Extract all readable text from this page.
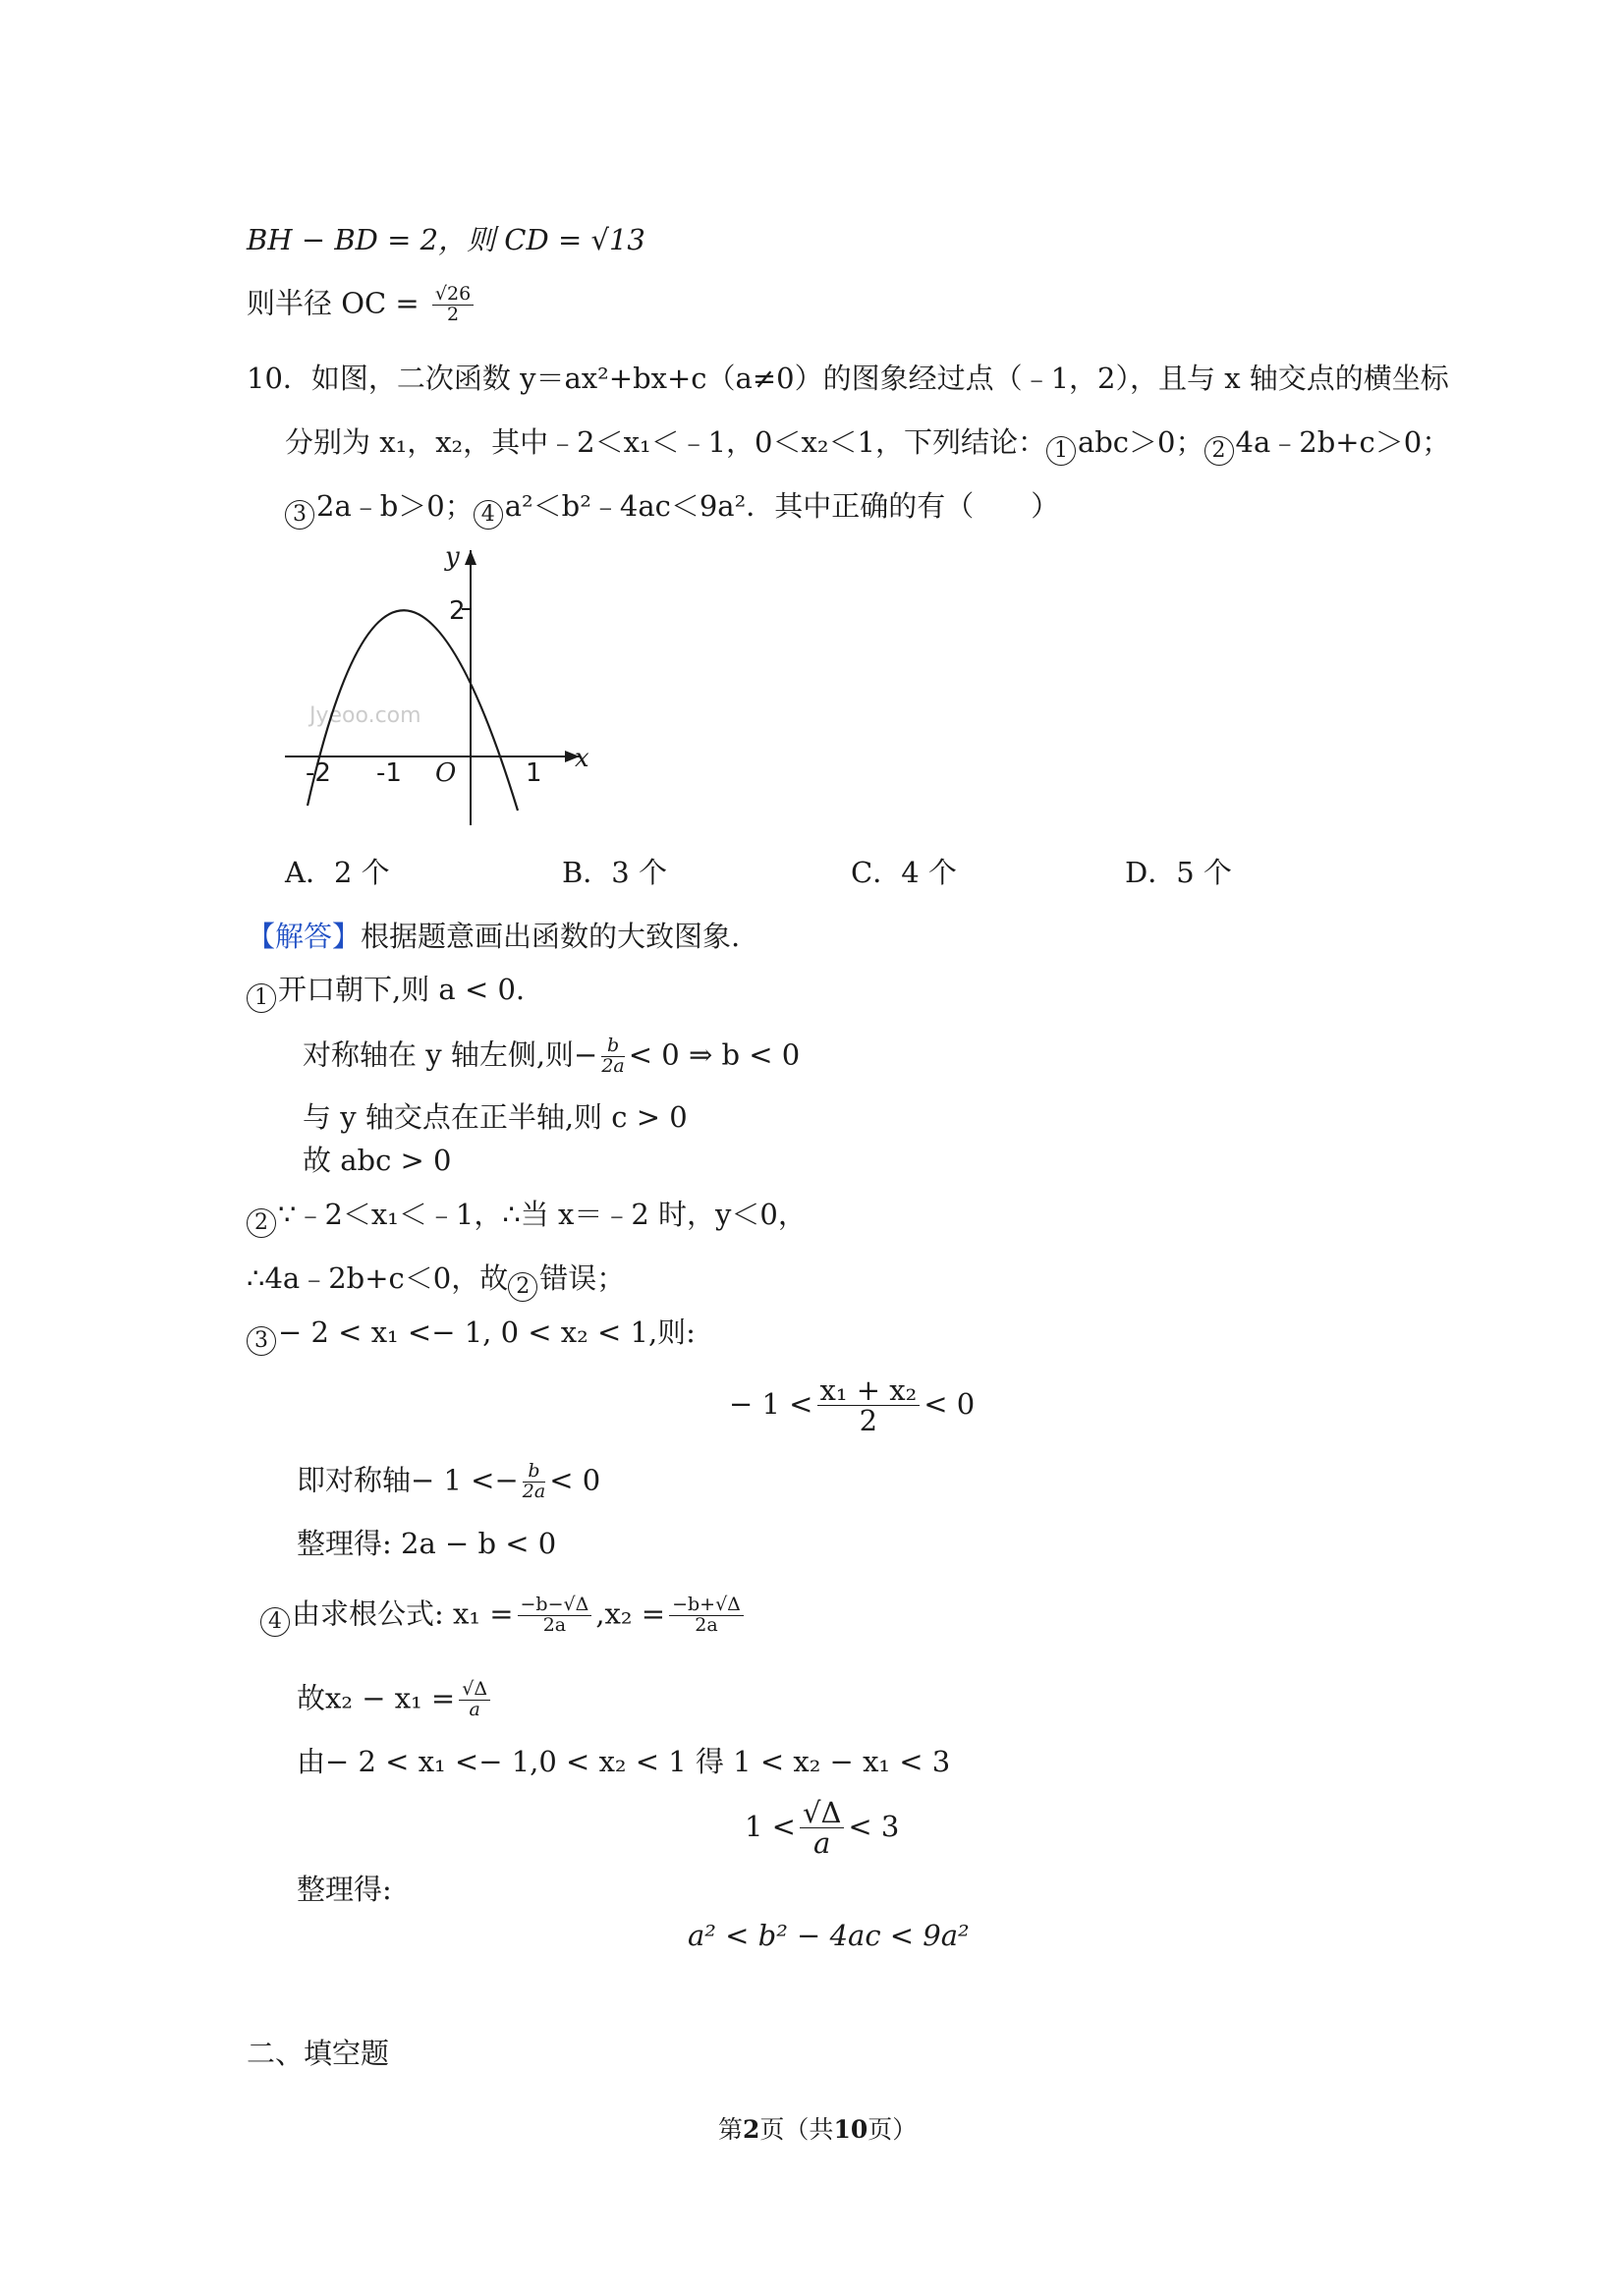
BH − BD = 2，则 CD = √13
则半径 OC = $\frac{√26}{2}$
10．如图，二次函数 y＝ax²+bx+c（a≠0）的图象经过点（﹣1，2），且与 x 轴交点的横坐标
分别为 x₁，x₂，其中﹣2＜x₁＜﹣1，0＜x₂＜1，下列结论： 1 abc＞0； 2 4a﹣2b+c＞0；
3 2a﹣b＞0； 4 a²＜b²﹣4ac＜9a²．其中正确的有（　　）
Jyeoo.com
y
2
x
-2 -1 O	1
A．2 个	B．3 个	C．4 个	D．5 个
【解答】根据题意画出函数的大致图象.
1 开口朝下,则 a < 0.
对称轴在 y 轴左侧,则− $\frac{b}{2a} < 0$ ⇒ b < 0
与 y 轴交点在正半轴,则 c > 0
故 abc > 0
2 ∵﹣2＜x₁＜﹣1，∴当 x＝﹣2 时，y＜0，
∴4a﹣2b+c＜0，故 2 错误；
3 − 2 < x₁ <− 1, 0 < x₂ < 1,则:
− $1 < \frac{\text{x₁ + x₂}}{2} < 0$
即对称轴− $1 <- \frac{b}{2a} < 0$
整理得: 2a − b < 0
4 由求根公式: $x_1 = \frac{-b-√\Delta}{2a} ,x_2 = \frac{-b+√\Delta}{2a}$
故$x_2 - x_1 = \frac{√\Delta}{a}$
由− 2 < x₁ <− 1,0 < x₂ < 1 得 1 < x₂ − x₁ < 3
$1 < \frac{√\Delta}{a} < 3$
整理得:
a² < b² − 4ac < 9a²
二、填空题
第2页（共10页）
